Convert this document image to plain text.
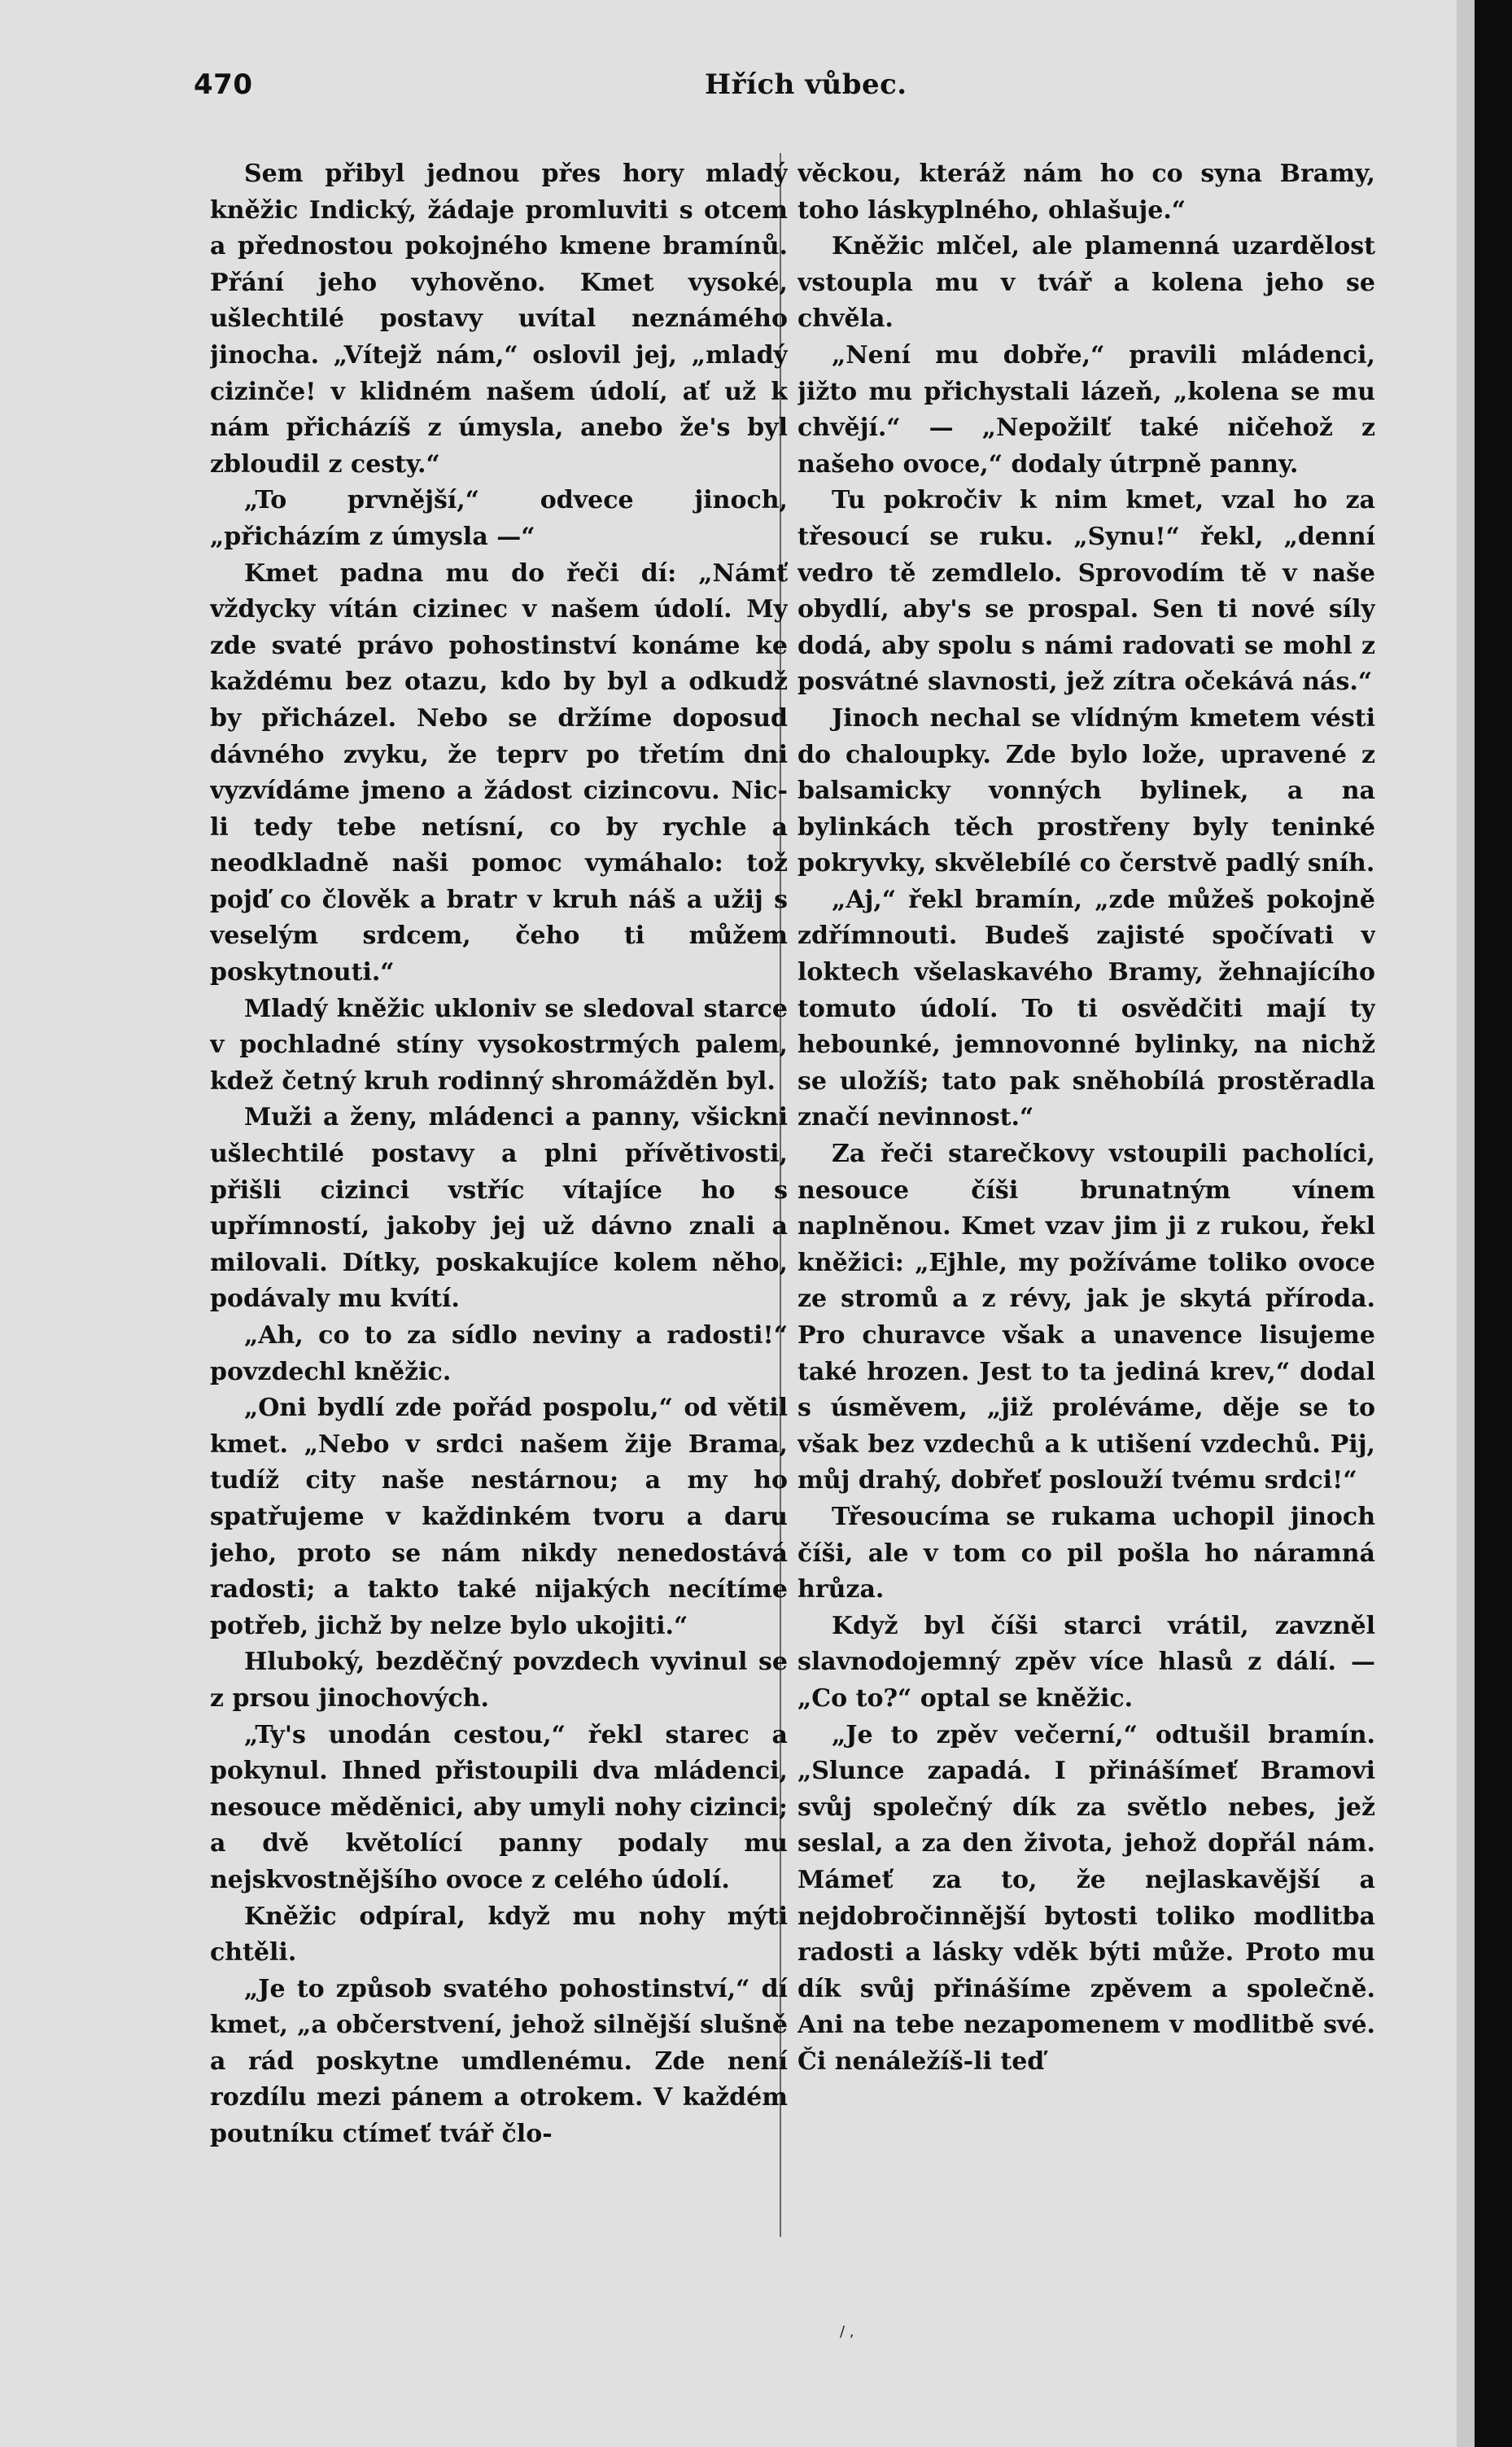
470	Hřích vůbec.

Sem přibyl jednou přes hory mladý kněžic Indický, žádaje promluviti s otcem a přednostou pokojného kmene bramínů. Přání jeho vyhověno. Kmet vysoké, ušlechtilé postavy uvítal neznámého jinocha. „Vítejž nám,“ oslovil jej, „mladý cizinče! v klidném našem údolí, ať už k nám přicházíš z úmysla, anebo že's byl zbloudil z cesty.“

„To prvnější,“ odvece jinoch, „přicházím z úmysla —“

Kmet padna mu do řeči dí: „Námť vždycky vítán cizinec v našem údolí. My zde svaté právo pohostinství konáme ke každému bez otazu, kdo by byl a odkudž by přicházel. Nebo se držíme doposud dávného zvyku, že teprv po třetím dni vyzvídáme jmeno a žádost cizincovu. Nic-li tedy tebe netísní, co by rychle a neodkladně naši pomoc vymáhalo: tož pojď co člověk a bratr v kruh náš a užij s veselým srdcem, čeho ti můžem poskytnouti.“

Mladý kněžic ukloniv se sledoval starce v pochladné stíny vysokostrmých palem, kdež četný kruh rodinný shromážděn byl.

Muži a ženy, mládenci a panny, všickni ušlechtilé postavy a plni přívětivosti, přišli cizinci vstříc vítajíce ho s upřímností, jakoby jej už dávno znali a milovali. Dítky, poskakujíce kolem něho, podávaly mu kvítí.

„Ah, co to za sídlo neviny a radosti!“ povzdechl kněžic.

„Oni bydlí zde pořád pospolu,“ od větil kmet. „Nebo v srdci našem žije Brama, tudíž city naše nestárnou; a my ho spatřujeme v každinkém tvoru a daru jeho, proto se nám nikdy nenedostává radosti; a takto také nijakých necítíme potřeb, jichž by nelze bylo ukojiti.“

Hluboký, bezděčný povzdech vyvinul se z prsou jinochových.

„Ty's unodán cestou,“ řekl starec a pokynul. Ihned přistoupili dva mládenci, nesouce měděnici, aby umyli nohy cizinci; a dvě květolící panny podaly mu nejskvostnějšího ovoce z celého údolí.

Kněžic odpíral, když mu nohy mýti chtěli.

„Je to způsob svatého pohostinství,“ dí kmet, „a občerstvení, jehož silnější slušně a rád poskytne umdlenému. Zde není rozdílu mezi pánem a otrokem. V každém poutníku ctímeť tvář člo-

věckou, kteráž nám ho co syna Bramy, toho láskyplného, ohlašuje.“

Kněžic mlčel, ale plamenná uzardělost vstoupla mu v tvář a kolena jeho se chvěla.

„Není mu dobře,“ pravili mládenci, jižto mu přichystali lázeň, „kolena se mu chvějí.“ — „Nepožilť také ničehož z našeho ovoce,“ dodaly útrpně panny.

Tu pokročiv k nim kmet, vzal ho za třesoucí se ruku. „Synu!“ řekl, „denní vedro tě zemdlelo. Sprovodím tě v naše obydlí, aby's se prospal. Sen ti nové síly dodá, aby spolu s námi radovati se mohl z posvátné slavnosti, jež zítra očekává nás.“

Jinoch nechal se vlídným kmetem vésti do chaloupky. Zde bylo lože, upravené z balsamicky vonných bylinek, a na bylinkách těch prostřeny byly teninké pokryvky, skvělebílé co čerstvě padlý sníh.

„Aj,“ řekl bramín, „zde můžeš pokojně zdřímnouti. Budeš zajisté spočívati v loktech všelaskavého Bramy, žehnajícího tomuto údolí. To ti osvědčiti mají ty hebounké, jemnovonné bylinky, na nichž se uložíš; tato pak sněhobílá prostěradla značí nevinnost.“

Za řeči starečkovy vstoupili pacholíci, nesouce číši brunatným vínem naplněnou. Kmet vzav jim ji z rukou, řekl kněžici: „Ejhle, my požíváme toliko ovoce ze stromů a z révy, jak je skytá příroda. Pro churavce však a unavence lisujeme také hrozen. Jest to ta jediná krev,“ dodal s úsměvem, „již proléváme, děje se to však bez vzdechů a k utišení vzdechů. Pij, můj drahý, dobřeť poslouží tvému srdci!“

Třesoucíma se rukama uchopil jinoch číši, ale v tom co pil pošla ho náramná hrůza.

Když byl číši starci vrátil, zavzněl slavnodojemný zpěv více hlasů z dálí. — „Co to?“ optal se kněžic.

„Je to zpěv večerní,“ odtušil bramín. „Slunce zapadá. I přinášímeť Bramovi svůj společný dík za světlo nebes, jež seslal, a za den života, jehož dopřál nám. Mámeť za to, že nejlaskavější a nejdobročinnější bytosti toliko modlitba radosti a lásky vděk býti může. Proto mu dík svůj přinášíme zpěvem a společně. Ani na tebe nezapomenem v modlitbě své. Či nenáležíš-li teď

/ ,
